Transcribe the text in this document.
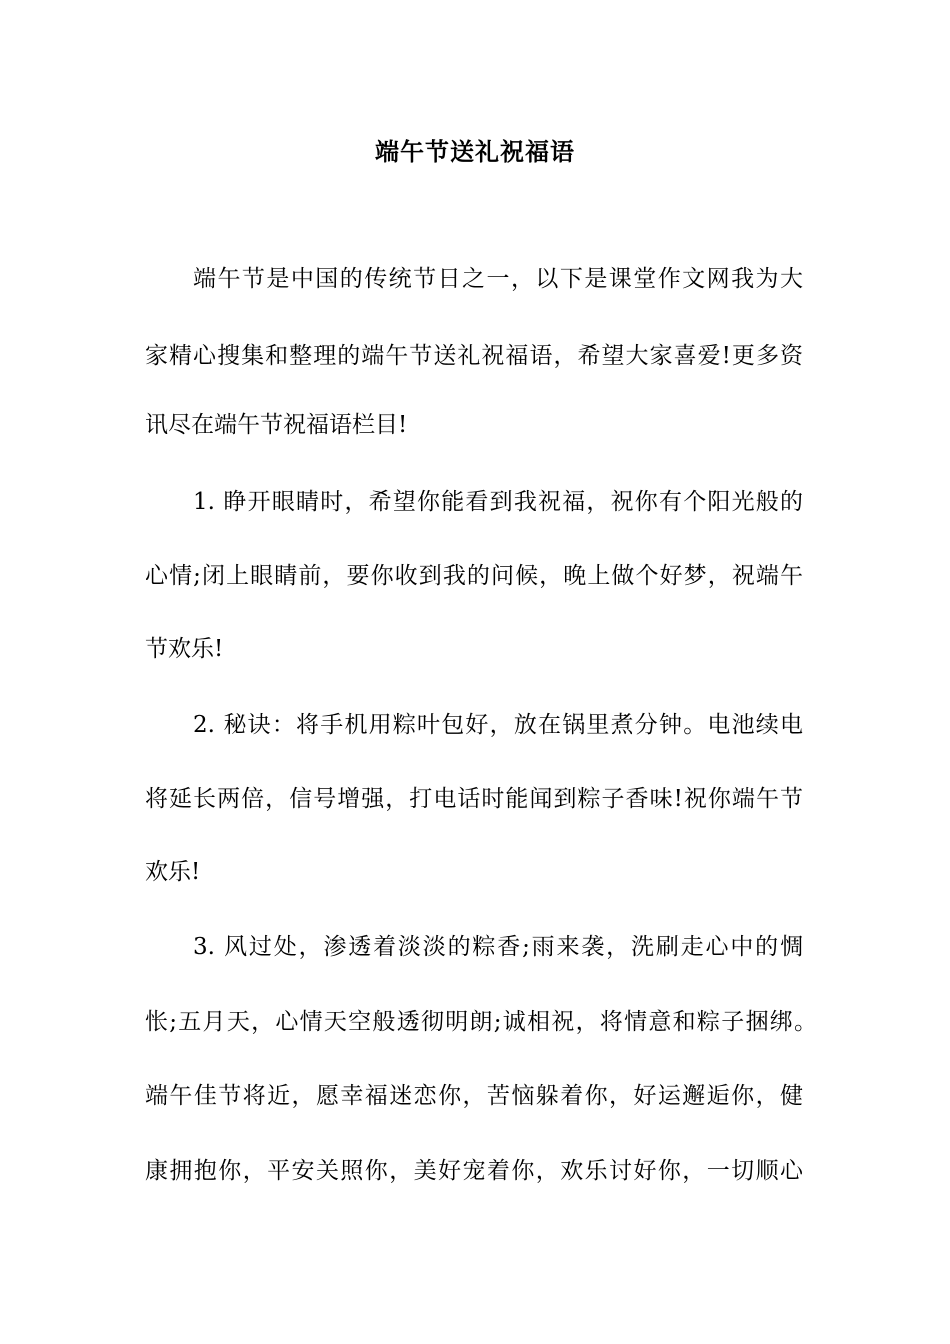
端午节送礼祝福语
端午节是中国的传统节日之一，以下是课堂作文网我为大
家精心搜集和整理的端午节送礼祝福语，希望大家喜爱!更多资
讯尽在端午节祝福语栏目!
1. 睁开眼睛时，希望你能看到我祝福，祝你有个阳光般的
心情;闭上眼睛前，要你收到我的问候，晚上做个好梦，祝端午
节欢乐!
2. 秘诀：将手机用粽叶包好，放在锅里煮分钟。电池续电
将延长两倍，信号增强，打电话时能闻到粽子香味!祝你端午节
欢乐!
3. 风过处，渗透着淡淡的粽香;雨来袭，洗刷走心中的惆
怅;五月天，心情天空般透彻明朗;诚相祝，将情意和粽子捆绑。
端午佳节将近，愿幸福迷恋你，苦恼躲着你，好运邂逅你，健
康拥抱你，平安关照你，美好宠着你，欢乐讨好你，一切顺心
